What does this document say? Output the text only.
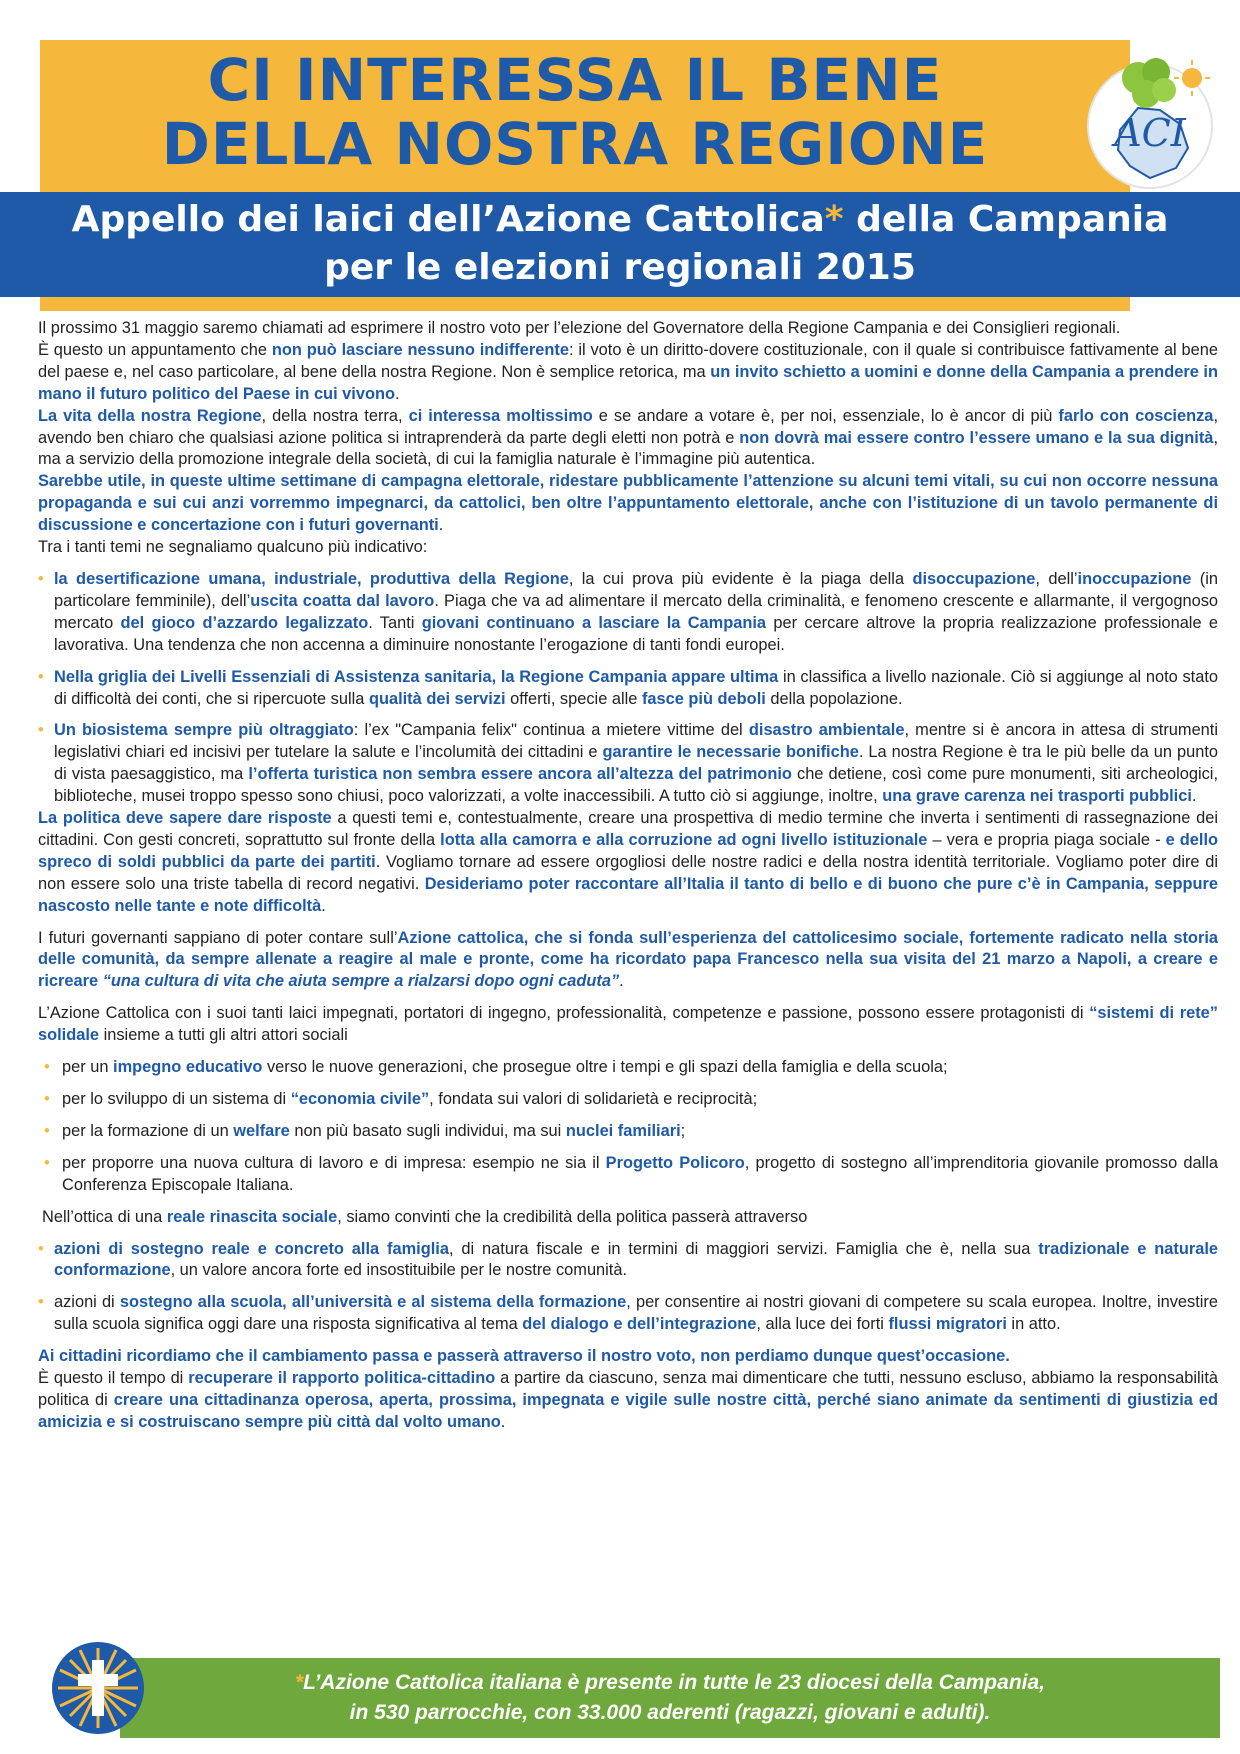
CI INTERESSA IL BENE
DELLA NOSTRA REGIONE	ACI
Appello dei laici dell’Azione Cattolica* della Campania
per le elezioni regionali 2015

Il prossimo 31 maggio saremo chiamati ad esprimere il nostro voto per l’elezione del Governatore della Regione Campania e dei Consiglieri regionali.

È questo un appuntamento che non può lasciare nessuno indifferente: il voto è un diritto-dovere costituzionale, con il quale si contribuisce fattivamente al bene del paese e, nel caso particolare, al bene della nostra Regione. Non è semplice retorica, ma un invito schietto a uomini e donne della Campania a prendere in mano il futuro politico del Paese in cui vivono.

La vita della nostra Regione, della nostra terra, ci interessa moltissimo e se andare a votare è, per noi, essenziale, lo è ancor di più farlo con coscienza, avendo ben chiaro che qualsiasi azione politica si intraprenderà da parte degli eletti non potrà e non dovrà mai essere contro l’essere umano e la sua dignità, ma a servizio della promozione integrale della società, di cui la famiglia naturale è l’immagine più autentica.

Sarebbe utile, in queste ultime settimane di campagna elettorale, ridestare pubblicamente l’attenzione su alcuni temi vitali, su cui non occorre nessuna propaganda e sui cui anzi vorremmo impegnarci, da cattolici, ben oltre l’appuntamento elettorale, anche con l’istituzione di un tavolo permanente di discussione e concertazione con i futuri governanti.

Tra i tanti temi ne segnaliamo qualcuno più indicativo:

• la desertificazione umana, industriale, produttiva della Regione, la cui prova più evidente è la piaga della disoccupazione, dell’inoccupazione (in particolare femminile), dell’uscita coatta dal lavoro. Piaga che va ad alimentare il mercato della criminalità, e fenomeno crescente e allarmante, il vergognoso mercato del gioco d’azzardo legalizzato. Tanti giovani continuano a lasciare la Campania per cercare altrove la propria realizzazione professionale e lavorativa. Una tendenza che non accenna a diminuire nonostante l’erogazione di tanti fondi europei.

• Nella griglia dei Livelli Essenziali di Assistenza sanitaria, la Regione Campania appare ultima in classifica a livello nazionale. Ciò si aggiunge al noto stato di difficoltà dei conti, che si ripercuote sulla qualità dei servizi offerti, specie alle fasce più deboli della popolazione.

• Un biosistema sempre più oltraggiato: l’ex "Campania felix" continua a mietere vittime del disastro ambientale, mentre si è ancora in attesa di strumenti legislativi chiari ed incisivi per tutelare la salute e l’incolumità dei cittadini e garantire le necessarie bonifiche. La nostra Regione è tra le più belle da un punto di vista paesaggistico, ma l’offerta turistica non sembra essere ancora all’altezza del patrimonio che detiene, così come pure monumenti, siti archeologici, biblioteche, musei troppo spesso sono chiusi, poco valorizzati, a volte inaccessibili. A tutto ciò si aggiunge, inoltre, una grave carenza nei trasporti pubblici.

La politica deve sapere dare risposte a questi temi e, contestualmente, creare una prospettiva di medio termine che inverta i sentimenti di rassegnazione dei cittadini. Con gesti concreti, soprattutto sul fronte della lotta alla camorra e alla corruzione ad ogni livello istituzionale – vera e propria piaga sociale - e dello spreco di soldi pubblici da parte dei partiti. Vogliamo tornare ad essere orgogliosi delle nostre radici e della nostra identità territoriale. Vogliamo poter dire di non essere solo una triste tabella di record negativi. Desideriamo poter raccontare all’Italia il tanto di bello e di buono che pure c’è in Campania, seppure nascosto nelle tante e note difficoltà.

I futuri governanti sappiano di poter contare sull’Azione cattolica, che si fonda sull’esperienza del cattolicesimo sociale, fortemente radicato nella storia delle comunità, da sempre allenate a reagire al male e pronte, come ha ricordato papa Francesco nella sua visita del 21 marzo a Napoli, a creare e ricreare “una cultura di vita che aiuta sempre a rialzarsi dopo ogni caduta”.

L’Azione Cattolica con i suoi tanti laici impegnati, portatori di ingegno, professionalità, competenze e passione, possono essere protagonisti di “sistemi di rete” solidale insieme a tutti gli altri attori sociali

• per un impegno educativo verso le nuove generazioni, che prosegue oltre i tempi e gli spazi della famiglia e della scuola;

• per lo sviluppo di un sistema di “economia civile”, fondata sui valori di solidarietà e reciprocità;

• per la formazione di un welfare non più basato sugli individui, ma sui nuclei familiari;

• per proporre una nuova cultura di lavoro e di impresa: esempio ne sia il Progetto Policoro, progetto di sostegno all’imprenditoria giovanile promosso dalla Conferenza Episcopale Italiana.

Nell’ottica di una reale rinascita sociale, siamo convinti che la credibilità della politica passerà attraverso

• azioni di sostegno reale e concreto alla famiglia, di natura fiscale e in termini di maggiori servizi. Famiglia che è, nella sua tradizionale e naturale conformazione, un valore ancora forte ed insostituibile per le nostre comunità.

• azioni di sostegno alla scuola, all’università e al sistema della formazione, per consentire ai nostri giovani di competere su scala europea. Inoltre, investire sulla scuola significa oggi dare una risposta significativa al tema del dialogo e dell’integrazione, alla luce dei forti flussi migratori in atto.

Ai cittadini ricordiamo che il cambiamento passa e passerà attraverso il nostro voto, non perdiamo dunque quest’occasione.

È questo il tempo di recuperare il rapporto politica-cittadino a partire da ciascuno, senza mai dimenticare che tutti, nessuno escluso, abbiamo la responsabilità politica di creare una cittadinanza operosa, aperta, prossima, impegnata e vigile sulle nostre città, perché siano animate da sentimenti di giustizia ed amicizia e si costruiscano sempre più città dal volto umano.

*L’Azione Cattolica italiana è presente in tutte le 23 diocesi della Campania,
in 530 parrocchie, con 33.000 aderenti (ragazzi, giovani e adulti).
